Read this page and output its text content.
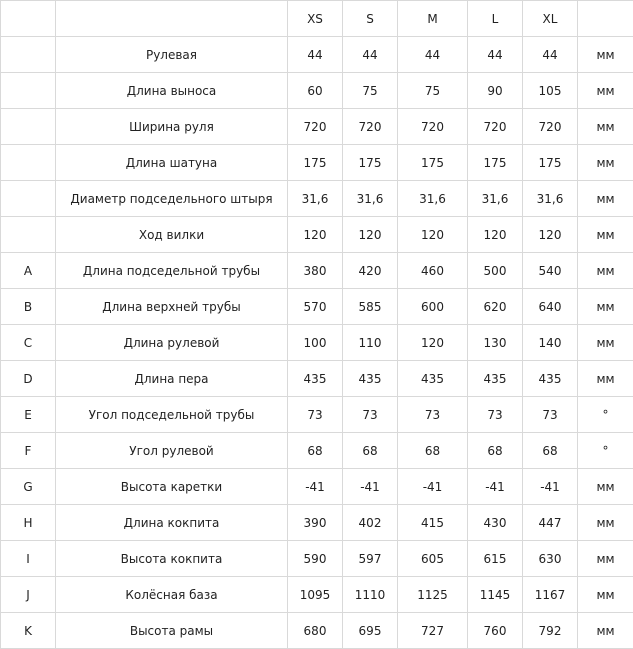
		XS	S	M	L	XL	
	Рулевая	44	44	44	44	44	мм
	Длина выноса	60	75	75	90	105	мм
	Ширина руля	720	720	720	720	720	мм
	Длина шатуна	175	175	175	175	175	мм
	Диаметр подседельного штыря	31,6	31,6	31,6	31,6	31,6	мм
	Ход вилки	120	120	120	120	120	мм
A	Длина подседельной трубы	380	420	460	500	540	мм
B	Длина верхней трубы	570	585	600	620	640	мм
C	Длина рулевой	100	110	120	130	140	мм
D	Длина пера	435	435	435	435	435	мм
E	Угол подседельной трубы	73	73	73	73	73	°
F	Угол рулевой	68	68	68	68	68	°
G	Высота каретки	-41	-41	-41	-41	-41	мм
H	Длина кокпита	390	402	415	430	447	мм
I	Высота кокпита	590	597	605	615	630	мм
J	Колёсная база	1095	1110	1125	1145	1167	мм
K	Высота рамы	680	695	727	760	792	мм
